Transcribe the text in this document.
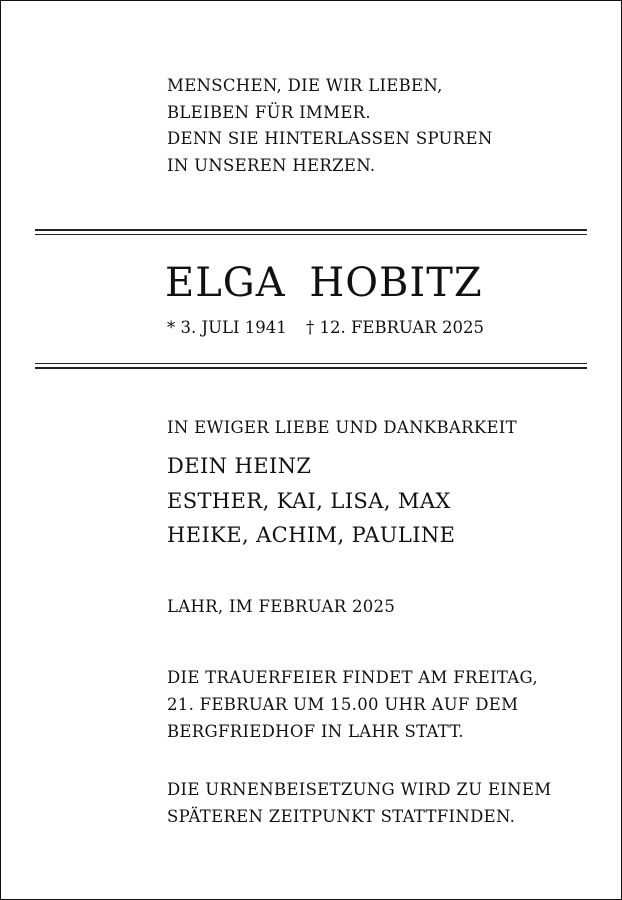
MENSCHEN, DIE WIR LIEBEN,
BLEIBEN FÜR IMMER.
DENN SIE HINTERLASSEN SPUREN
IN UNSEREN HERZEN.
ELGA HOBITZ
* 3. JULI 1941 † 12. FEBRUAR 2025
IN EWIGER LIEBE UND DANKBARKEIT
DEIN HEINZ
ESTHER, KAI, LISA, MAX
HEIKE, ACHIM, PAULINE
LAHR, IM FEBRUAR 2025
DIE TRAUERFEIER FINDET AM FREITAG,
21. FEBRUAR UM 15.00 UHR AUF DEM
BERGFRIEDHOF IN LAHR STATT.
DIE URNENBEISETZUNG WIRD ZU EINEM
SPÄTEREN ZEITPUNKT STATTFINDEN.
